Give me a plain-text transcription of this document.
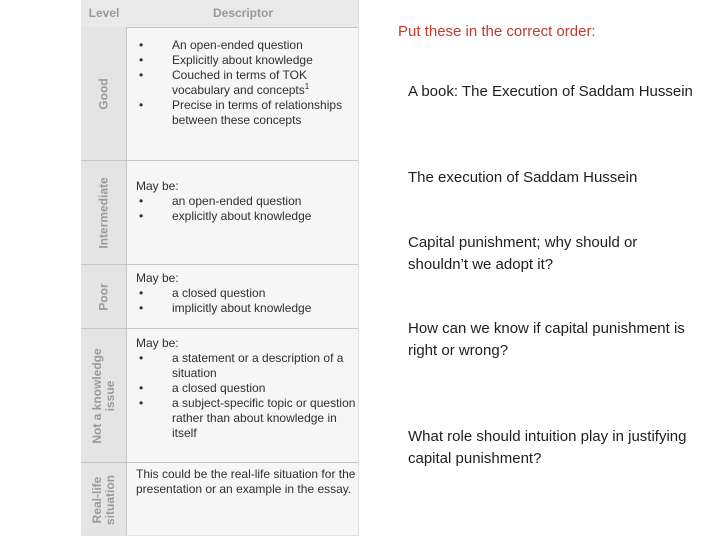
Level	Descriptor
Good
• An open-ended question
• Explicitly about knowledge
• Couched in terms of TOK vocabulary and concepts$^1$
• Precise in terms of relationships between these concepts
Intermediate May be:

• an open-ended question
• explicitly about knowledge
Poor

May be:

• a closed question
• implicitly about knowledge
Not a knowledge
issue

May be:

• a statement or a description of a situation
• a closed question
• a subject-specific topic or question rather than about knowledge in itself
Real-life
situation

This could be the real-life situation for the presentation or an example in the essay.

Put these in the correct order:
A book: The Execution of Saddam Hussein
The execution of Saddam Hussein
Capital punishment; why should or shouldn’t we adopt it?
How can we know if capital punishment is right or wrong?
What role should intuition play in justifying capital punishment?
